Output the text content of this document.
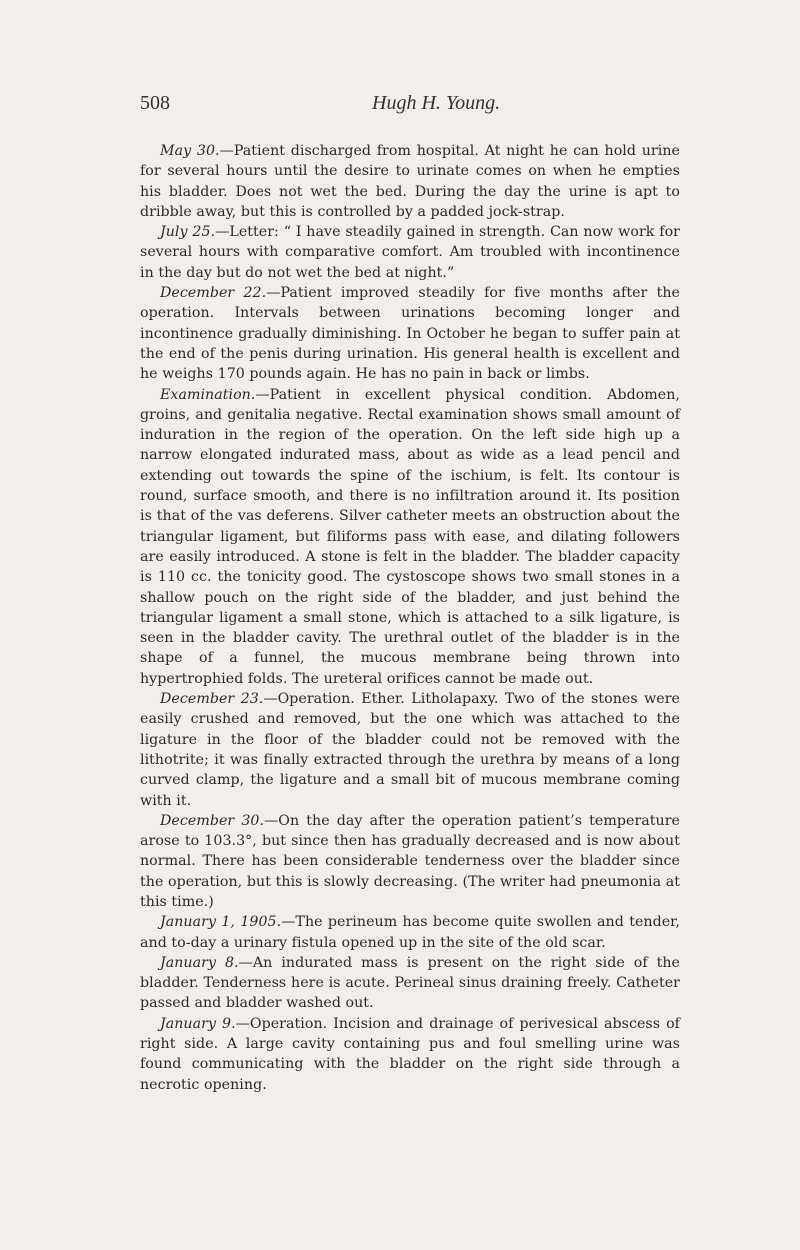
508	Hugh H. Young.

May 30.—Patient discharged from hospital. At night he can hold urine for several hours until the desire to urinate comes on when he empties his bladder. Does not wet the bed. During the day the urine is apt to dribble away, but this is controlled by a padded jock-strap.

July 25.—Letter: “ I have steadily gained in strength. Can now work for several hours with comparative comfort. Am troubled with incontinence in the day but do not wet the bed at night.”

December 22.—Patient improved steadily for five months after the operation. Intervals between urinations becoming longer and incontinence gradually diminishing. In October he began to suffer pain at the end of the penis during urination. His general health is excellent and he weighs 170 pounds again. He has no pain in back or limbs.

Examination.—Patient in excellent physical condition. Abdomen, groins, and genitalia negative. Rectal examination shows small amount of induration in the region of the operation. On the left side high up a narrow elongated indurated mass, about as wide as a lead pencil and extending out towards the spine of the ischium, is felt. Its contour is round, surface smooth, and there is no infiltration around it. Its position is that of the vas deferens. Silver catheter meets an obstruction about the triangular ligament, but filiforms pass with ease, and dilating followers are easily introduced. A stone is felt in the bladder. The bladder capacity is 110 cc. the tonicity good. The cystoscope shows two small stones in a shallow pouch on the right side of the bladder, and just behind the triangular ligament a small stone, which is attached to a silk ligature, is seen in the bladder cavity. The urethral outlet of the bladder is in the shape of a funnel, the mucous membrane being thrown into hypertrophied folds. The ureteral orifices cannot be made out.

December 23.—Operation. Ether. Litholapaxy. Two of the stones were easily crushed and removed, but the one which was attached to the ligature in the floor of the bladder could not be removed with the lithotrite; it was finally extracted through the urethra by means of a long curved clamp, the ligature and a small bit of mucous membrane coming with it.

December 30.—On the day after the operation patient’s temperature arose to 103.3°, but since then has gradually decreased and is now about normal. There has been considerable tenderness over the bladder since the operation, but this is slowly decreasing. (The writer had pneumonia at this time.)

January 1, 1905.—The perineum has become quite swollen and tender, and to-day a urinary fistula opened up in the site of the old scar.

January 8.—An indurated mass is present on the right side of the bladder. Tenderness here is acute. Perineal sinus draining freely. Catheter passed and bladder washed out.

January 9.—Operation. Incision and drainage of perivesical abscess of right side. A large cavity containing pus and foul smelling urine was found communicating with the bladder on the right side through a necrotic opening.
